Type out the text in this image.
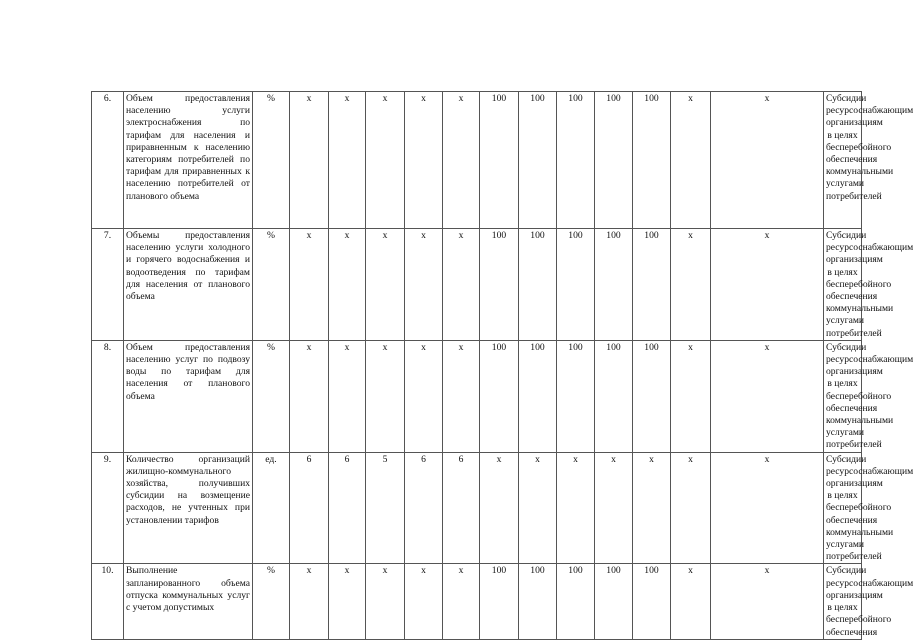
6.	Объем предоставления населению услуги электроснабжения по тарифам для населения и приравненным к населению категориям потребителей по тарифам для приравненных к населению потребителей от планового объема	%	х	х	х	х	х	100	100	100	100	100	х	х	Субсидии ресурсоснабжающим организациям в целях бесперебойного обеспечения коммунальными услугами потребителей
7.	Объемы предоставления населению услуги холодного и горячего водоснабжения и водоотведения по тарифам для населения от планового объема	%	х	х	х	х	х	100	100	100	100	100	х	х	Субсидии ресурсоснабжающим организациям в целях бесперебойного обеспечения коммунальными услугами потребителей
8.	Объем предоставления населению услуг по подвозу воды по тарифам для населения от планового объема	%	х	х	х	х	х	100	100	100	100	100	х	х	Субсидии ресурсоснабжающим организациям в целях бесперебойного обеспечения коммунальными услугами потребителей
9.	Количество организаций жилищно-коммунального хозяйства, получивших субсидии на возмещение расходов, не учтенных при установлении тарифов	ед.	6	6	5	6	6	х	х	х	х	х	х	х	Субсидии ресурсоснабжающим организациям в целях бесперебойного обеспечения коммунальными услугами потребителей
10.	Выполнение запланированного объема отпуска коммунальных услуг с учетом допустимых	%	х	х	х	х	х	100	100	100	100	100	х	х	Субсидии ресурсоснабжающим организациям в целях бесперебойного обеспечения
